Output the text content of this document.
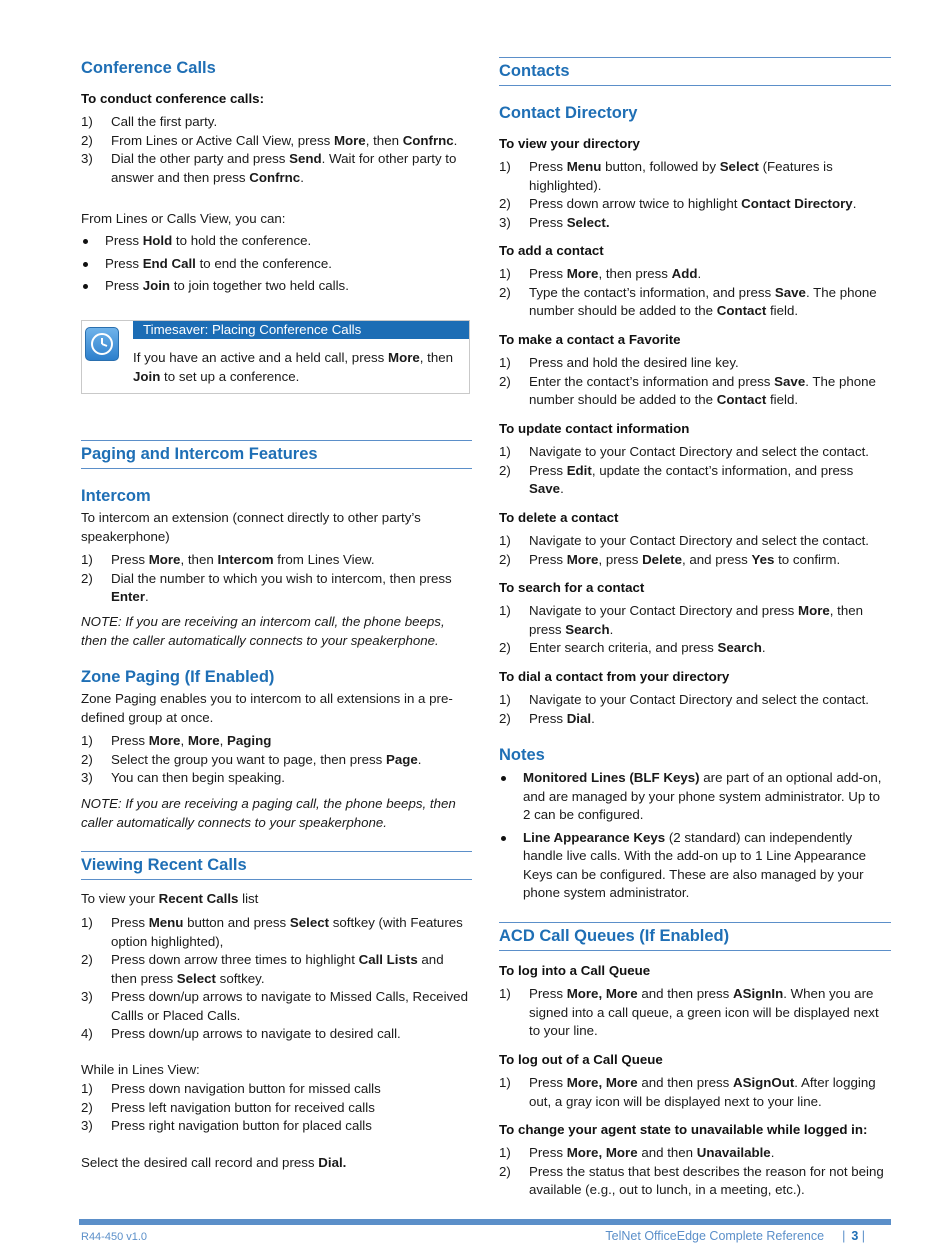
Conference Calls
To conduct conference calls:
1) Call the first party.
2) From Lines or Active Call View, press More, then Confrnc.
3) Dial the other party and press Send. Wait for other party to answer and then press Confrnc.
From Lines or Calls View, you can:
Press Hold to hold the conference.
Press End Call to end the conference.
Press Join to join together two held calls.
Timesaver: Placing Conference Calls
If you have an active and a held call, press More, then Join to set up a conference.
Paging and Intercom Features
Intercom
To intercom an extension (connect directly to other party’s speakerphone)
1) Press More, then Intercom from Lines View.
2) Dial the number to which you wish to intercom, then press Enter.
NOTE: If you are receiving an intercom call, the phone beeps, then the caller automatically connects to your speakerphone.
Zone Paging (If Enabled)
Zone Paging enables you to intercom to all extensions in a pre-defined group at once.
1) Press More, More, Paging
2) Select the group you want to page, then press Page.
3) You can then begin speaking.
NOTE: If you are receiving a paging call, the phone beeps, then caller automatically connects to your speakerphone.
Viewing Recent Calls
To view your Recent Calls list
1) Press Menu button and press Select softkey (with Features option highlighted),
2) Press down arrow three times to highlight Call Lists and then press Select softkey.
3) Press down/up arrows to navigate to Missed Calls, Received Callls or Placed Calls.
4) Press down/up arrows to navigate to desired call.
While in Lines View:
1) Press down navigation button for missed calls
2) Press left navigation button for received calls
3) Press right navigation button for placed calls
Select the desired call record and press Dial.
Contacts
Contact Directory
To view your directory
1) Press Menu button, followed by Select (Features is highlighted).
2) Press down arrow twice to highlight Contact Directory.
3) Press Select.
To add a contact
1) Press More, then press Add.
2) Type the contact’s information, and press Save. The phone number should be added to the Contact field.
To make a contact a Favorite
1) Press and hold the desired line key.
2) Enter the contact’s information and press Save. The phone number should be added to the Contact field.
To update contact information
1) Navigate to your Contact Directory and select the contact.
2) Press Edit, update the contact’s information, and press Save.
To delete a contact
1) Navigate to your Contact Directory and select the contact.
2) Press More, press Delete, and press Yes to confirm.
To search for a contact
1) Navigate to your Contact Directory and press More, then press Search.
2) Enter search criteria, and press Search.
To dial a contact from your directory
1) Navigate to your Contact Directory and select the contact.
2) Press Dial.
Notes
Monitored Lines (BLF Keys) are part of an optional add-on, and are managed by your phone system administrator. Up to 2 can be configured.
Line Appearance Keys (2 standard) can independently handle live calls. With the add-on up to 1 Line Appearance Keys can be configured. These are also managed by your phone system administrator.
ACD Call Queues (If Enabled)
To log into a Call Queue
1) Press More, More and then press ASignIn. When you are signed into a call queue, a green icon will be displayed next to your line.
To log out of a Call Queue
1) Press More, More and then press ASignOut. After logging out, a gray icon will be displayed next to your line.
To change your agent state to unavailable while logged in:
1) Press More, More and then Unavailable.
2) Press the status that best describes the reason for not being available (e.g., out to lunch, in a meeting, etc.).
R44-450 v1.0	TelNet OfficeEdge Complete Reference | 3 |
